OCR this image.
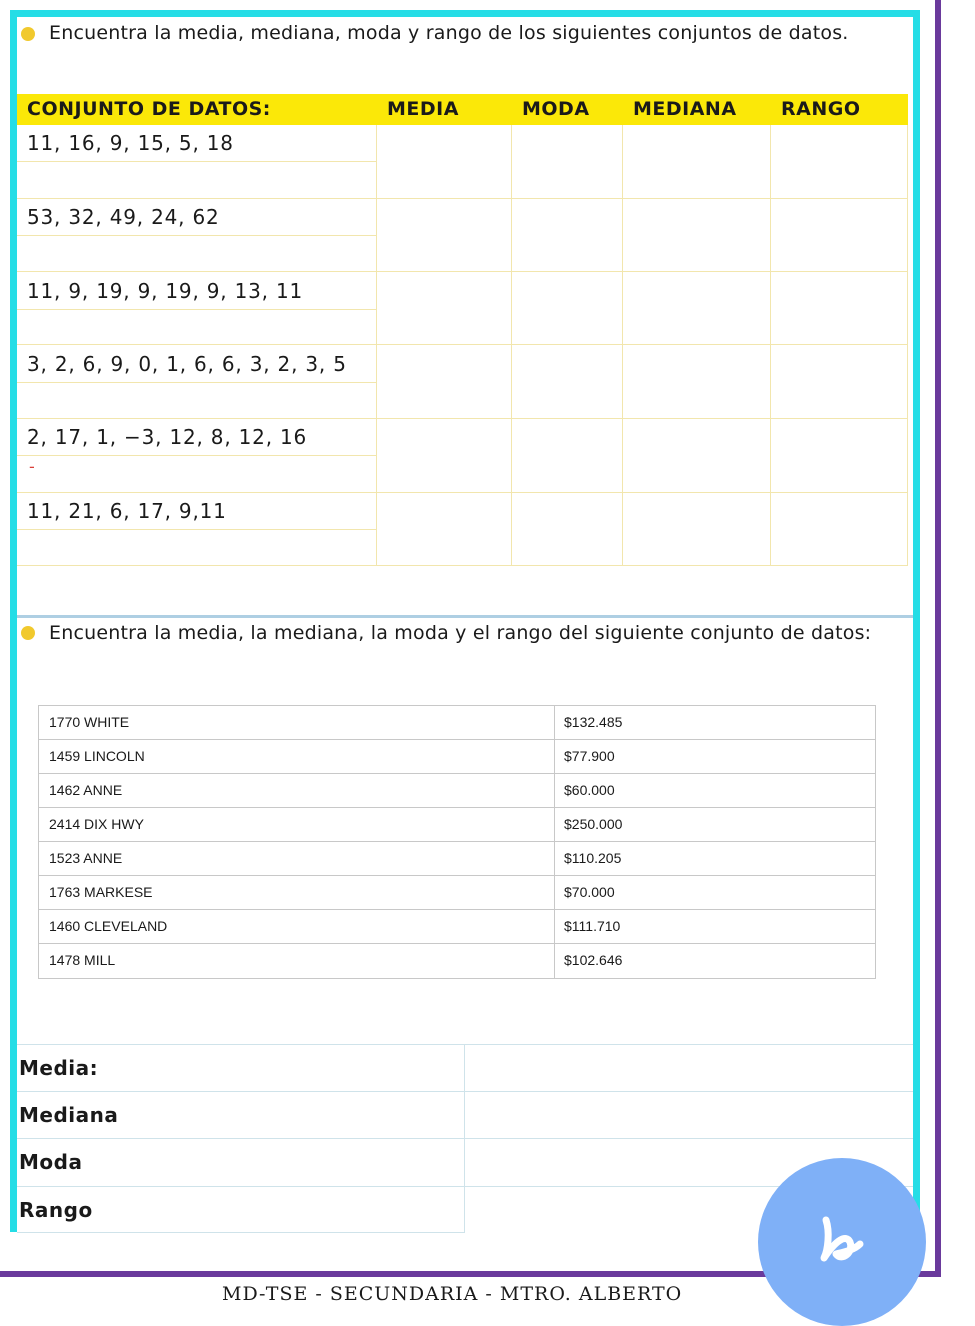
Encuentra la media, mediana, moda y rango de los siguientes conjuntos de datos.
CONJUNTO DE DATOS:	MEDIA	MODA MEDIANA RANGO
11, 16, 9, 15, 5, 18
53, 32, 49, 24, 62
11, 9, 19, 9, 19, 9, 13, 11
3, 2, 6, 9, 0, 1, 6, 6, 3, 2, 3, 5
2, 17, 1, −3, 12, 8, 12, 16
-
11, 21, 6, 17, 9,11
Encuentra la media, la mediana, la moda y el rango del siguiente conjunto de datos:
1770 WHITE	$132.485
1459 LINCOLN	$77.900
1462 ANNE	$60.000
2414 DIX HWY	$250.000
1523 ANNE	$110.205
1763 MARKESE	$70.000
1460 CLEVELAND	$111.710
1478 MILL	$102.646
Media:
Mediana
Moda
Rango
MD-TSE - SECUNDARIA - MTRO. ALBERTO
